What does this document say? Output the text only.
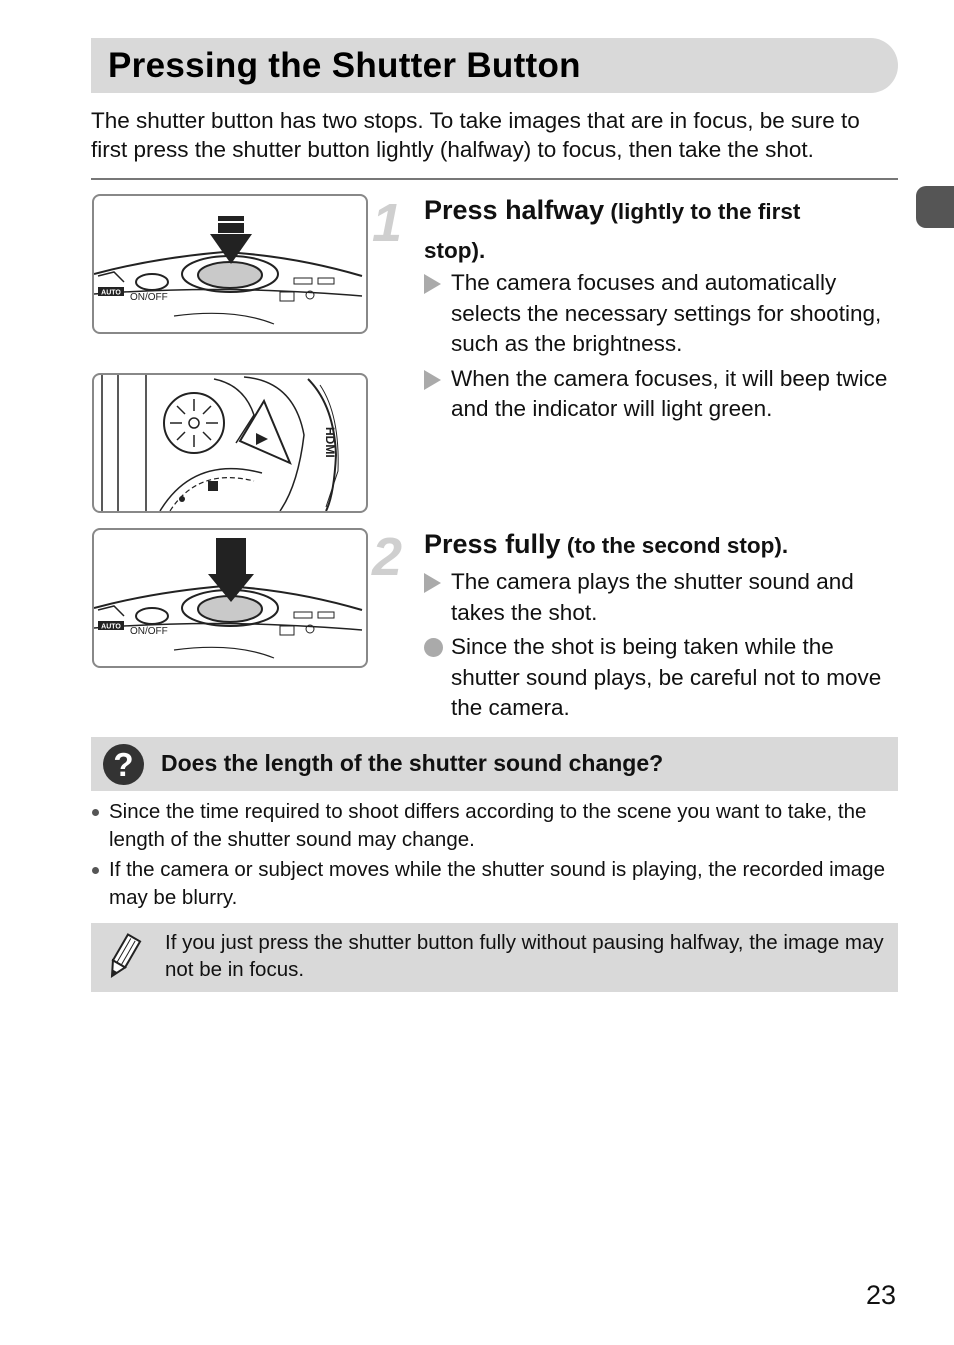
Pressing the Shutter Button

The shutter button has two stops. To take images that are in focus, be sure to first press the shutter button lightly (halfway) to focus, then take the shot.

AUTO ON/OFF
HDMI
AUTO ON/OFF
1 Press halfway (lightly to the first stop).

The camera focuses and automatically selects the necessary settings for shooting, such as the brightness.
When the camera focuses, it will beep twice and the indicator will light green.
2 Press fully (to the second stop).

The camera plays the shutter sound and takes the shot.
Since the shot is being taken while the shutter sound plays, be careful not to move the camera.
?	Does the length of the shutter sound change?

Since the time required to shoot differs according to the scene you want to take, the length of the shutter sound may change.
If the camera or subject moves while the shutter sound is playing, the recorded image may be blurry.

If you just press the shutter button fully without pausing halfway, the image may not be in focus.

23
